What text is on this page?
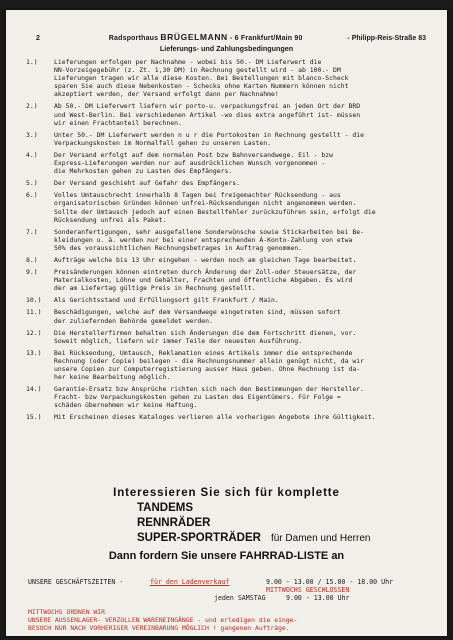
2	Radsporthaus BRÜGELMANN - 6 Frankfurt/Main 90	- Philipp-Reis-Straße 83
Lieferungs- und Zahlungsbedingungen
1.)	Lieferungen erfolgen per Nachnahme - wobei bis 50.- DM Lieferwert die
NN-Vorzeigegebühr (z. Zt. 1,30 DM) in Rechnung gestellt wird - ab 100.- DM
Lieferungen tragen wir alle diese Kosten. Bei Bestellungen mit blanco-Scheck
sparen Sie auch diese Nebenkosten - Schecks ohne Karten Nummern können nicht
akzeptiert werden, der Versand erfolgt dann per Nachnahme!
2.)	Ab 50.- DM Lieferwert liefern wir porto-u. verpackungsfrei an jeden Ort der BRD
und West-Berlin. Bei verschiedenen Artikel -wo dies extra angeführt ist- müssen
wir einen Frachtanteil berechnen.
3.)	Unter 50.- DM Lieferwert werden n u r die Portokosten in Rechnung gestellt - die
Verpackungskosten im Normalfall gehen zu unseren Lasten.
4.)	Der Versand erfolgt auf dem normalen Post bzw Bahnversandwege. Eil - bzw
Express-Lieferungen werden nur auf ausdrücklichen Wunsch vorgenommen -
die Mehrkosten gehen zu Lasten des Empfängers.
5.)	Der Versand geschieht auf Gefahr des Empfängers.
6.)	Volles Umtauschrecht innerhalb 8 Tagen bei freigemachter Rücksendung - aus
organisatorischen Gründen können unfrei-Rücksendungen nicht angenommen werden.
Sollte der Umtausch jedoch auf einen Bestellfehler zurückzuführen sein, erfolgt die
Rücksendung unfrei als Paket.
7.)	Sonderanfertigungen, sehr ausgefallene Sonderwünsche sowie Stickarbeiten bei Be-
kleidungen u. ä. werden nur bei einer entsprechenden Á-Konto-Zahlung von etwa
50% des voraussichtlichen Rechnungsbetrages in Auftrag genommen.
8.)	Aufträge welche bis 13 Uhr eingehen - werden noch am gleichen Tage bearbeitet.
9.)	Preisänderungen können eintreten durch Änderung der Zoll-oder Steuersätze, der
Materialkosten, Löhne und Gehälter, Frachten und öffentliche Abgaben. Es wird
der am Liefertag gültige Preis in Rechnung gestellt.
10.)	Als Gerichtsstand und Erfüllungsort gilt Frankfurt / Main.
11.)	Beschädigungen, welche auf dem Versandwege eingetreten sind, müssen sofort
der zuliefernden Behörde gemeldet werden.
12.)	Die Herstellerfirmen behalten sich Änderungen die dem Fortschritt dienen, vor.
Soweit möglich, liefern wir immer Teile der neuesten Ausführung.
13.)	Bei Rücksendung, Umtausch, Reklamation eines Artikels immer die entsprechende
Rechnung (oder Copie) beilegen - die Rechnungsnummer allein genügt nicht, da wir
unsere Copien zur Computerregistierung ausser Haus geben. Ohne Rechnung ist da-
her keine Bearbeitung möglich.
14.)	Garantie-Ersatz bzw Ansprüche richten sich nach den Bestimmungen der Hersteller.
Fracht- bzw Verpackungskosten gehen zu Lasten des Eigentümers. Für Folge =
schäden übernehmen wir keine Haftung.
15.)	Mit Erscheinen dieses Kataloges verlieren alle vorherigen Angebote ihre Gültigkeit.
Interessieren Sie sich für komplette
TANDEMS
RENNRÄDER
SUPER-SPORTRÄDER für Damen und Herren
Dann fordern Sie unsere FAHRRAD-LISTE an
UNSERE GESCHÄFTSZEITEN -	für den Ladenverkauf	9.00 - 13.00 / 15.00 - 18.00 Uhr
MITTWOCHS GESCHLOSSEN
jeden SAMSTAG	9.00 - 13.00 Uhr
MITTWOCHS ORDNEN WIR
UNSERE AUSSENLAGER- VERZOLLEN WARENEINGÄNGE - und erledigen die einge-
BESUCH NUR NACH VORHERIGER VEREINBARUNG MÖGLICH ! gangenen Aufträge.
